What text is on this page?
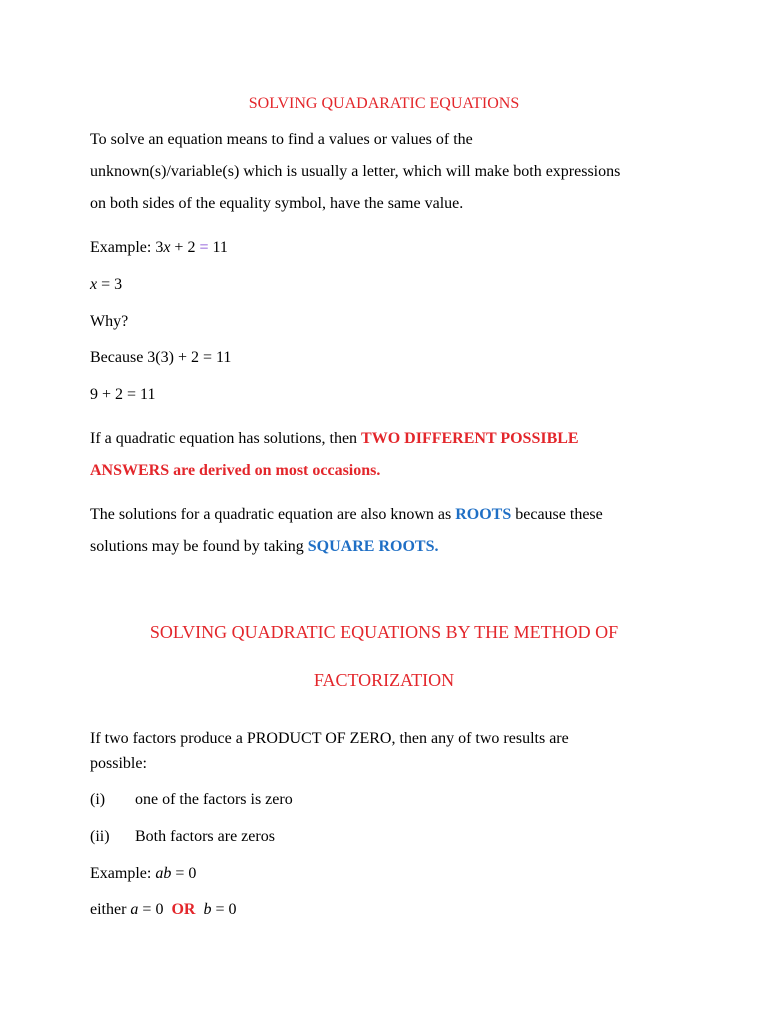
SOLVING QUADARATIC EQUATIONS
To solve an equation means to find a values or values of the
unknown(s)/variable(s) which is usually a letter, which will make both expressions
on both sides of the equality symbol, have the same value.
Example: 3x + 2 = 11
x = 3
Why?
Because 3(3) + 2 = 11
9 + 2 = 11
If a quadratic equation has solutions, then TWO DIFFERENT POSSIBLE
ANSWERS are derived on most occasions.
The solutions for a quadratic equation are also known as ROOTS because these
solutions may be found by taking SQUARE ROOTS.
SOLVING QUADRATIC EQUATIONS BY THE METHOD OF
FACTORIZATION
If two factors produce a PRODUCT OF ZERO, then any of two results are
possible:
(i) one of the factors is zero
(ii) Both factors are zeros
Example: ab = 0
either a = 0  OR b = 0
